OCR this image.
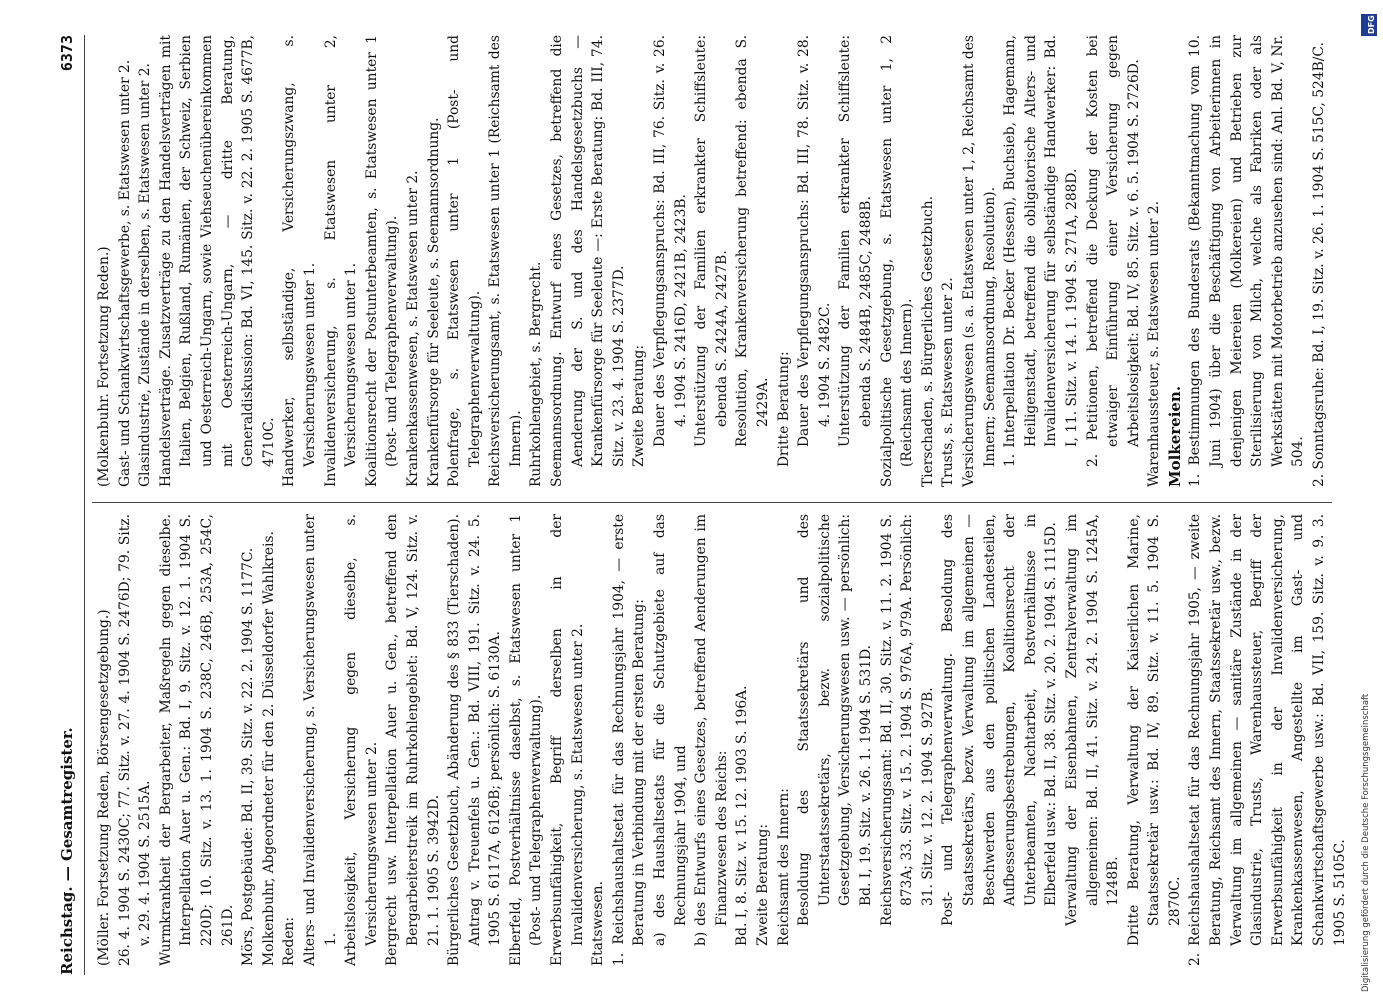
Reichstag. — Gesamtregister.
6373

(Möller. Fortsetzung Reden, Börsengesetzgebung.) 26. 4. 1904 S. 2430C; 77. Sitz. v. 27. 4. 1904 S. 2476D; 79. Sitz. v. 29. 4. 1904 S. 2515A. Wurmkrankheit der Bergarbeiter, Maßregeln gegen dieselbe. Interpellation Auer u. Gen.: Bd. I, 9. Sitz. v. 12. 1. 1904 S. 220D; 10. Sitz. v. 13. 1. 1904 S. 238C, 246B, 253A, 254C, 261D. Mörs, Postgebäude: Bd. II, 39. Sitz. v. 22. 2. 1904 S. 1177C. Molkenbuhr, Abgeordneter für den 2. Düsseldorfer Wahlkreis. Reden: Alters- und Invalidenversicherung, s. Versicherungswesen unter 1. Arbeitslosigkeit, Versicherung gegen dieselbe, s. Versicherungswesen unter 2. Bergrecht usw. Interpellation Auer u. Gen., betreffend den Bergarbeiterstreik im Ruhrkohlengebiet: Bd. V, 124. Sitz. v. 21. 1. 1905 S. 3942D. Bürgerliches Gesetzbuch, Abänderung des § 833 (Tierschaden). Antrag v. Treuenfels u. Gen.: Bd. VIII, 191. Sitz. v. 24. 5. 1905 S. 6117A, 6126B; persönlich: S. 6130A. Elberfeld, Postverhältnisse daselbst, s. Etatswesen unter 1 (Post- und Telegraphenverwaltung). Erwerbsunfähigkeit, Begriff derselben in der Invalidenversicherung, s. Etatswesen unter 2. Etatswesen. 1. Reichshaushaltsetat für das Rechnungsjahr 1904, — erste Beratung in Verbindung mit der ersten Beratung: a) des Haushaltsetats für die Schutzgebiete auf das Rechnungsjahr 1904, und b) des Entwurfs eines Gesetzes, betreffend Aenderungen im Finanzwesen des Reichs: Bd. I, 8. Sitz. v. 15. 12. 1903 S. 196A. Zweite Beratung: Reichsamt des Innern: Besoldung des Staatssekretärs und des Unterstaatssekretärs, bezw. sozialpolitische Gesetzgebung, Versicherungswesen usw. — persönlich: Bd. I, 19. Sitz. v. 26. 1. 1904 S. 531D. Reichsversicherungsamt: Bd. II, 30. Sitz. v. 11. 2. 1904 S. 873A; 33. Sitz. v. 15. 2. 1904 S. 976A, 979A. Persönlich: 31. Sitz. v. 12. 2. 1904 S. 927B. Post- und Telegraphenverwaltung. Besoldung des Staatssekretärs, bezw. Verwaltung im allgemeinen — Beschwerden aus den politischen Landesteilen, Aufbesserungsbestrebungen, Koalitionsrecht der Unterbeamten, Nachtarbeit, Postverhältnisse in Elberfeld usw.: Bd. II, 38. Sitz. v. 20. 2. 1904 S. 1115D. Verwaltung der Eisenbahnen, Zentralverwaltung im allgemeinen: Bd. II, 41. Sitz. v. 24. 2. 1904 S. 1245A, 1248B. Dritte Beratung, Verwaltung der Kaiserlichen Marine, Staatssekretär usw.: Bd. IV, 89. Sitz. v. 11. 5. 1904 S. 2870C. 2. Reichshaushaltsetat für das Rechnungsjahr 1905, — zweite Beratung, Reichsamt des Innern, Staatssekretär usw., bezw. Verwaltung im allgemeinen — sanitäre Zustände in der Glasindustrie, Trusts, Warenhaussteuer, Begriff der Erwerbsunfähigkeit in der Invalidenversicherung, Krankenkassenwesen, Angestellte im Gast- und Schankwirtschaftsgewerbe usw.: Bd. VII, 159. Sitz. v. 9. 3. 1905 S. 5105C.

(Molkenbuhr. Fortsetzung Reden.) Gast- und Schankwirtschaftsgewerbe, s. Etatswesen unter 2. Glasindustrie, Zustände in derselben, s. Etatswesen unter 2. Handelsverträge. Zusatzverträge zu den Handelsverträgen mit Italien, Belgien, Rußland, Rumänien, der Schweiz, Serbien und Oesterreich-Ungarn, sowie Viehseuchenübereinkommen mit Oesterreich-Ungarn, — dritte Beratung, Generaldiskussion: Bd. VI, 145. Sitz. v. 22. 2. 1905 S. 4677B, 4710C. Handwerker, selbständige, Versicherungszwang, s. Versicherungswesen unter 1. Invalidenversicherung, s. Etatswesen unter 2, Versicherungswesen unter 1. Koalitionsrecht der Postunterbeamten, s. Etatswesen unter 1 (Post- und Telegraphenverwaltung). Krankenkassenwesen, s. Etatswesen unter 2. Krankenfürsorge für Seeleute, s. Seemannsordnung. Polenfrage, s. Etatswesen unter 1 (Post- und Telegraphenverwaltung). Reichsversicherungsamt, s. Etatswesen unter 1 (Reichsamt des Innern). Ruhrkohlengebiet, s. Bergrecht. Seemannsordnung. Entwurf eines Gesetzes, betreffend die Aenderung der S. und des Handelsgesetzbuchs — Krankenfürsorge für Seeleute —: Erste Beratung: Bd. III, 74. Sitz. v. 23. 4. 1904 S. 2377D. Zweite Beratung: Dauer des Verpflegungsanspruchs: Bd. III, 76. Sitz. v. 26. 4. 1904 S. 2416D, 2421B, 2423B. Unterstützung der Familien erkrankter Schiffsleute: ebenda S. 2424A, 2427B. Resolution, Krankenversicherung betreffend: ebenda S. 2429A. Dritte Beratung: Dauer des Verpflegungsanspruchs: Bd. III, 78. Sitz. v. 28. 4. 1904 S. 2482C. Unterstützung der Familien erkrankter Schiffsleute: ebenda S. 2484B, 2485C, 2488B. Sozialpolitische Gesetzgebung, s. Etatswesen unter 1, 2 (Reichsamt des Innern). Tierschaden, s. Bürgerliches Gesetzbuch. Trusts, s. Etatswesen unter 2. Versicherungswesen (s. a. Etatswesen unter 1, 2, Reichsamt des Innern; Seemannsordnung, Resolution). 1. Interpellation Dr. Becker (Hessen), Buchsieb, Hagemann, Heiligenstadt, betreffend die obligatorische Alters- und Invalidenversicherung für selbständige Handwerker: Bd. I, 11. Sitz. v. 14. 1. 1904 S. 271A, 288D. 2. Petitionen, betreffend die Deckung der Kosten bei etwaiger Einführung einer Versicherung gegen Arbeitslosigkeit: Bd. IV, 85. Sitz. v. 6. 5. 1904 S. 2726D. Warenhaussteuer, s. Etatswesen unter 2. Molkereien. 1. Bestimmungen des Bundesrats (Bekanntmachung vom 10. Juni 1904) über die Beschäftigung von Arbeiterinnen in denjenigen Meiereien (Molkereien) und Betrieben zur Sterilisierung von Milch, welche als Fabriken oder als Werkstätten mit Motorbetrieb anzusehen sind: Anl. Bd. V, Nr. 504. 2. Sonntagsruhe: Bd. I, 19. Sitz. v. 26. 1. 1904 S. 515C, 524B/C.

DFG
Digitalisierung gefördert durch die Deutsche Forschungsgemeinschaft
